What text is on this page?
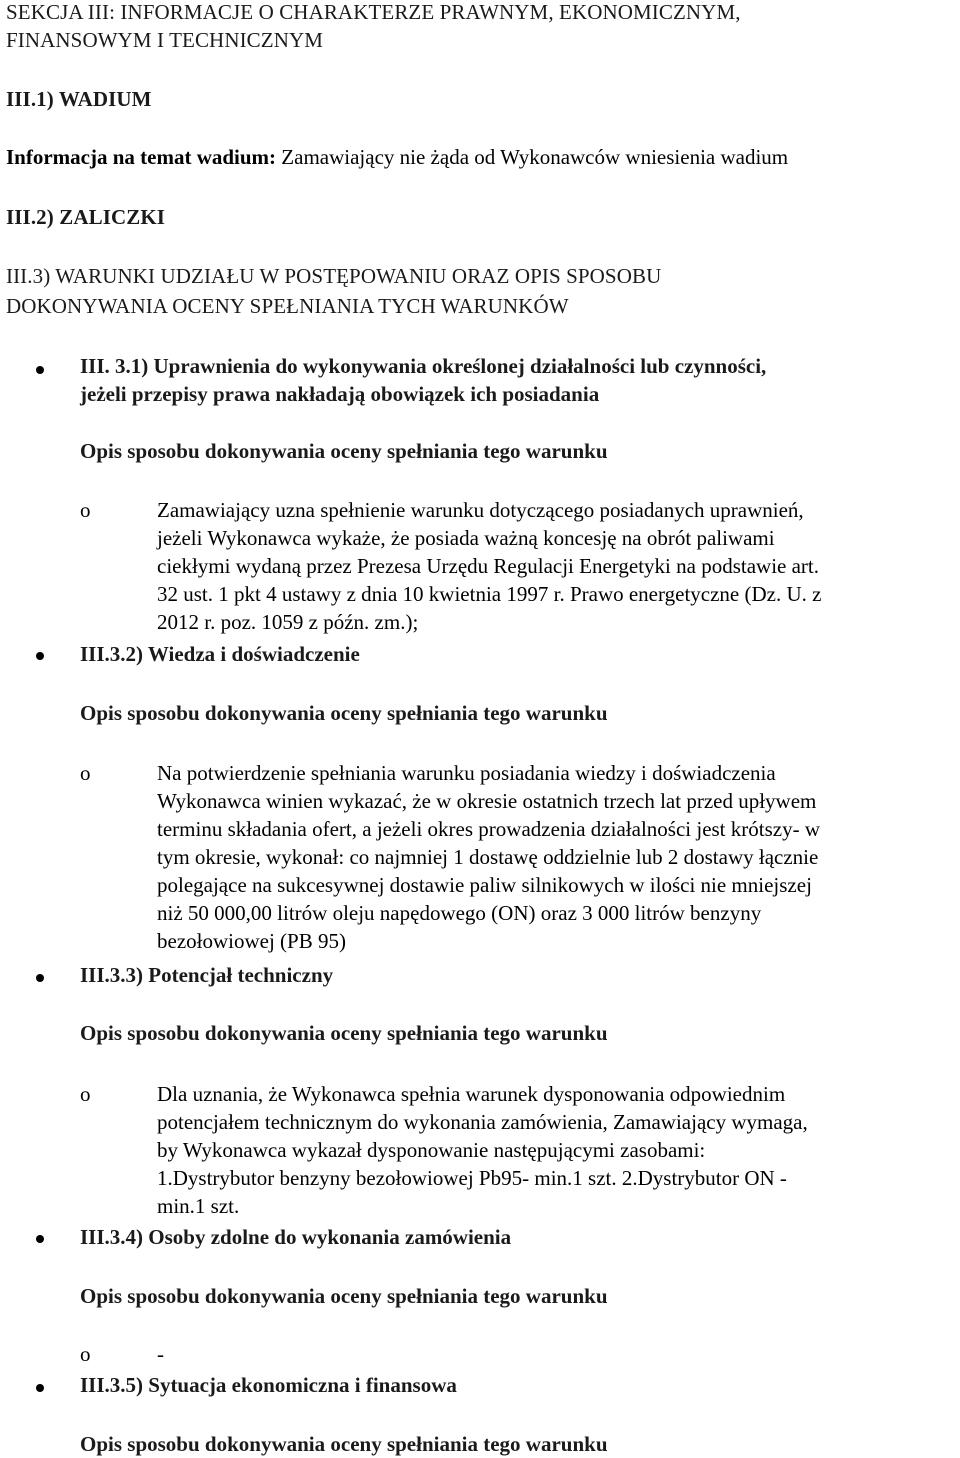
SEKCJA III: INFORMACJE O CHARAKTERZE PRAWNYM, EKONOMICZNYM,
FINANSOWYM I TECHNICZNYM
III.1) WADIUM
Informacja na temat wadium: Zamawiający nie żąda od Wykonawców wniesienia wadium
III.2) ZALICZKI
III.3) WARUNKI UDZIAŁU W POSTĘPOWANIU ORAZ OPIS SPOSOBU
DOKONYWANIA OCENY SPEŁNIANIA TYCH WARUNKÓW
III. 3.1) Uprawnienia do wykonywania określonej działalności lub czynności,
jeżeli przepisy prawa nakładają obowiązek ich posiadania
Opis sposobu dokonywania oceny spełniania tego warunku
o	Zamawiający uzna spełnienie warunku dotyczącego posiadanych uprawnień,
jeżeli Wykonawca wykaże, że posiada ważną koncesję na obrót paliwami
ciekłymi wydaną przez Prezesa Urzędu Regulacji Energetyki na podstawie art.
32 ust. 1 pkt 4 ustawy z dnia 10 kwietnia 1997 r. Prawo energetyczne (Dz. U. z
2012 r. poz. 1059 z późn. zm.);
III.3.2) Wiedza i doświadczenie
Opis sposobu dokonywania oceny spełniania tego warunku
o	Na potwierdzenie spełniania warunku posiadania wiedzy i doświadczenia
Wykonawca winien wykazać, że w okresie ostatnich trzech lat przed upływem
terminu składania ofert, a jeżeli okres prowadzenia działalności jest krótszy- w
tym okresie, wykonał: co najmniej 1 dostawę oddzielnie lub 2 dostawy łącznie
polegające na sukcesywnej dostawie paliw silnikowych w ilości nie mniejszej
niż 50 000,00 litrów oleju napędowego (ON) oraz 3 000 litrów benzyny
bezołowiowej (PB 95)
III.3.3) Potencjał techniczny
Opis sposobu dokonywania oceny spełniania tego warunku
o	Dla uznania, że Wykonawca spełnia warunek dysponowania odpowiednim
potencjałem technicznym do wykonania zamówienia, Zamawiający wymaga,
by Wykonawca wykazał dysponowanie następującymi zasobami:
1.Dystrybutor benzyny bezołowiowej Pb95- min.1 szt. 2.Dystrybutor ON -
min.1 szt.
III.3.4) Osoby zdolne do wykonania zamówienia
Opis sposobu dokonywania oceny spełniania tego warunku
o	-
III.3.5) Sytuacja ekonomiczna i finansowa
Opis sposobu dokonywania oceny spełniania tego warunku
